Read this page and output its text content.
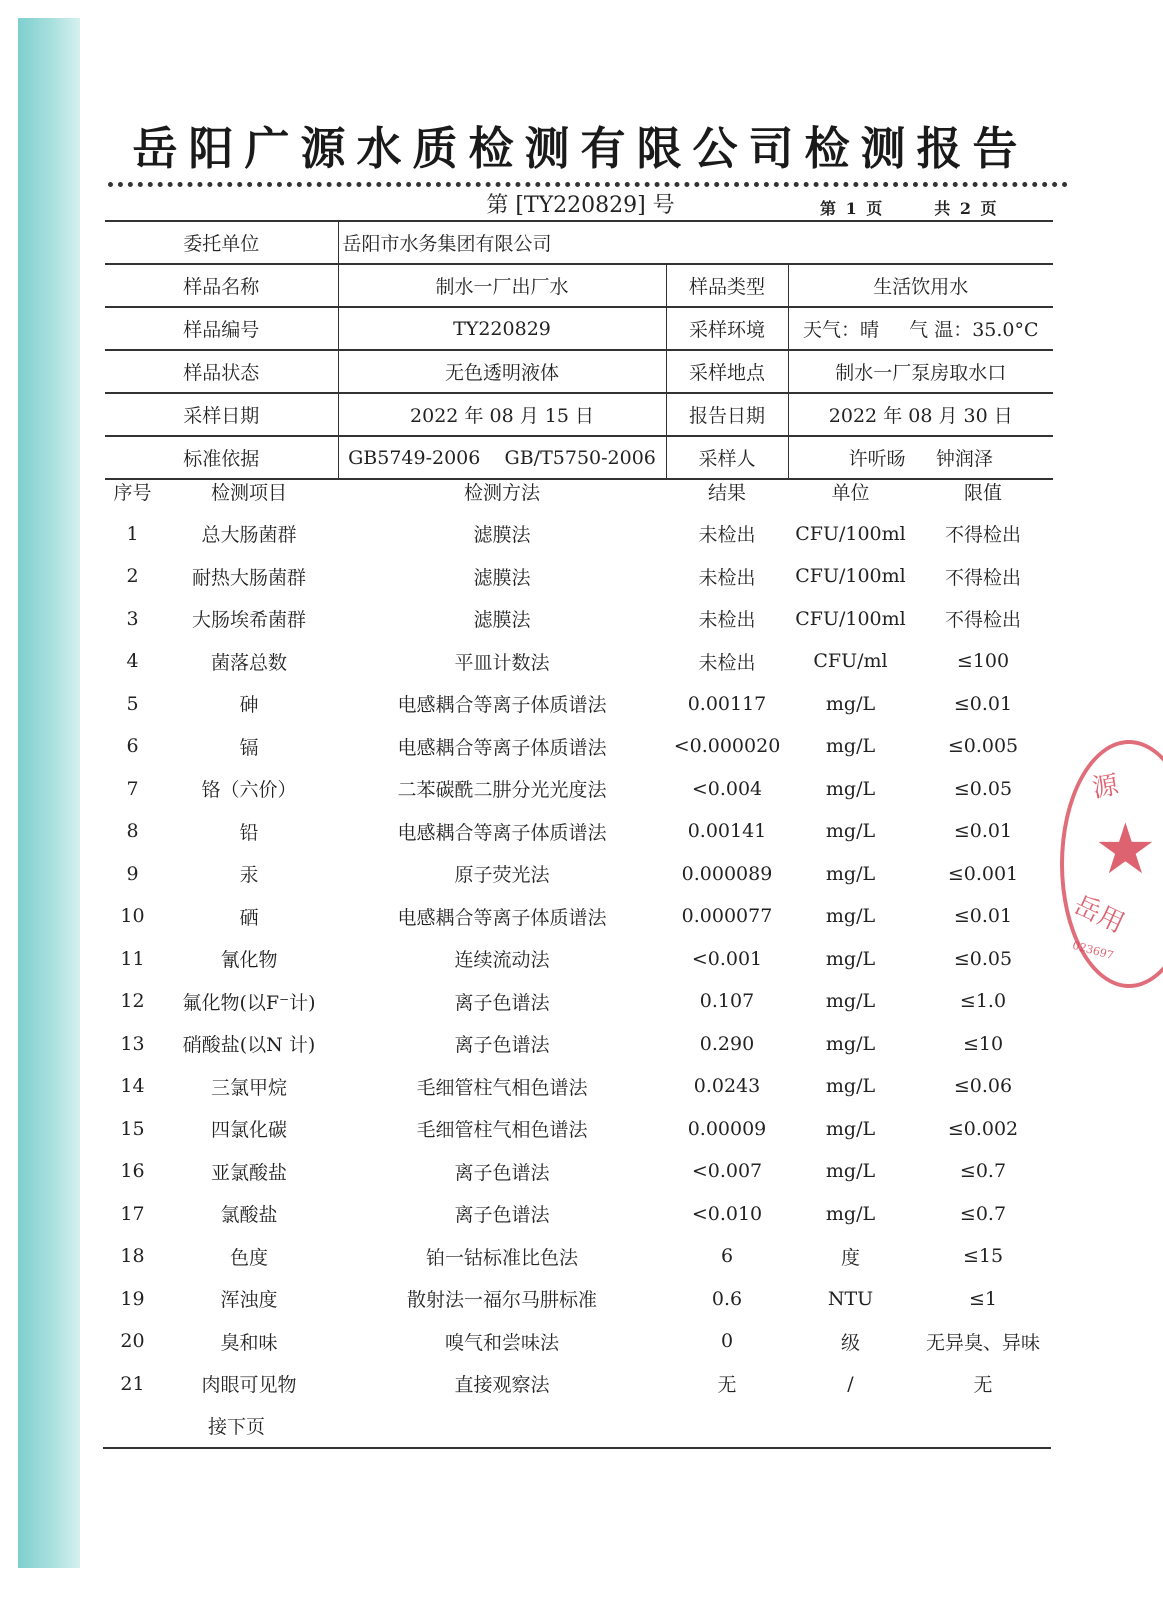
岳阳广源水质检测有限公司检测报告
第 [TY220829] 号	第 1 页	共 2 页
委托单位	岳阳市水务集团有限公司		
样品名称	制水一厂出厂水	样品类型	生活饮用水
样品编号	TY220829	采样环境	天气：晴 气 温：35.0°C
样品状态	无色透明液体	采样地点	制水一厂泵房取水口
采样日期	2022 年 08 月 15 日	报告日期	2022 年 08 月 30 日
标准依据	GB5749-2006 GB/T5750-2006	采样人	许听旸 钟润泽
序号	检测项目	检测方法	结果	单位	限值
1	总大肠菌群	滤膜法	未检出	CFU/100ml	不得检出
2	耐热大肠菌群	滤膜法	未检出	CFU/100ml	不得检出
3	大肠埃希菌群	滤膜法	未检出	CFU/100ml	不得检出
4	菌落总数	平皿计数法	未检出	CFU/ml	≤100
5	砷	电感耦合等离子体质谱法	0.00117	mg/L	≤0.01
6	镉	电感耦合等离子体质谱法	<0.000020	mg/L	≤0.005
7	铬（六价）	二苯碳酰二肼分光光度法	<0.004	mg/L	≤0.05
8	铅	电感耦合等离子体质谱法	0.00141	mg/L	≤0.01
9	汞	原子荧光法	0.000089	mg/L	≤0.001
10	硒	电感耦合等离子体质谱法	0.000077	mg/L	≤0.01
11	氰化物	连续流动法	<0.001	mg/L	≤0.05
12	氟化物(以F⁻计)	离子色谱法	0.107	mg/L	≤1.0
13	硝酸盐(以N 计)	离子色谱法	0.290	mg/L	≤10
14	三氯甲烷	毛细管柱气相色谱法	0.0243	mg/L	≤0.06
15	四氯化碳	毛细管柱气相色谱法	0.00009	mg/L	≤0.002
16	亚氯酸盐	离子色谱法	<0.007	mg/L	≤0.7
17	氯酸盐	离子色谱法	<0.010	mg/L	≤0.7
18	色度	铂一钴标准比色法	6	度	≤15
19	浑浊度	散射法一福尔马肼标准	0.6	NTU	≤1
20	臭和味	嗅气和尝味法	0	级	无异臭、异味
21	肉眼可见物	直接观察法	无	/	无
接下页
源
★
岳用
023697
